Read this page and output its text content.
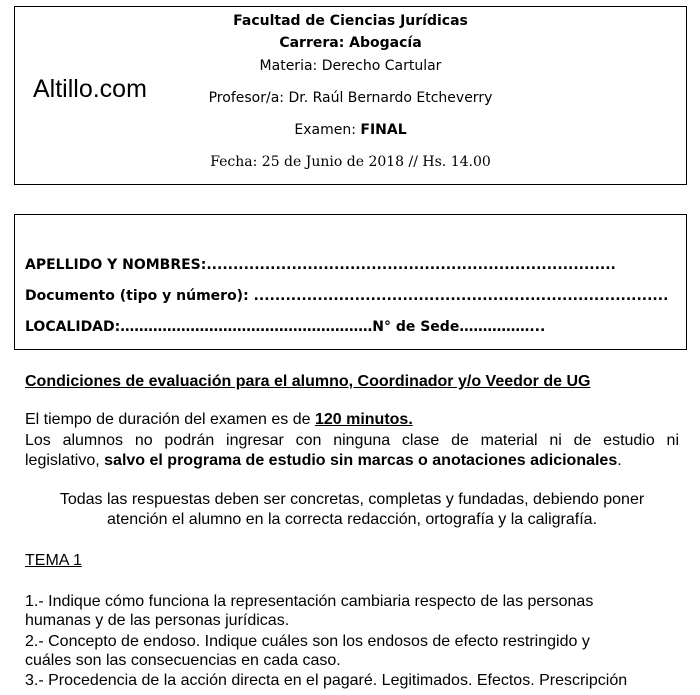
Facultad de Ciencias Jurídicas
Carrera: Abogacía
Materia: Derecho Cartular
Altillo.com	Profesor/a: Dr. Raúl Bernardo Etcheverry
Examen: FINAL
Fecha: 25 de Junio de 2018 // Hs. 14.00
APELLIDO Y NOMBRES:.............................................................................
Documento (tipo y número): ..............................................................................
LOCALIDAD:………………………………………………N° de Sede……………...
Condiciones de evaluación para el alumno, Coordinador y/o Veedor de UG
El tiempo de duración del examen es de 120 minutos.
Los alumnos no podrán ingresar con ninguna clase de material ni de estudio ni
legislativo, salvo el programa de estudio sin marcas o anotaciones adicionales.
Todas las respuestas deben ser concretas, completas y fundadas, debiendo poner
atención el alumno en la correcta redacción, ortografía y la caligrafía.
TEMA 1
1.- Indique cómo funciona la representación cambiaria respecto de las personas
humanas y de las personas jurídicas.
2.- Concepto de endoso. Indique cuáles son los endosos de efecto restringido y
cuáles son las consecuencias en cada caso.
3.- Procedencia de la acción directa en el pagaré. Legitimados. Efectos. Prescripción
